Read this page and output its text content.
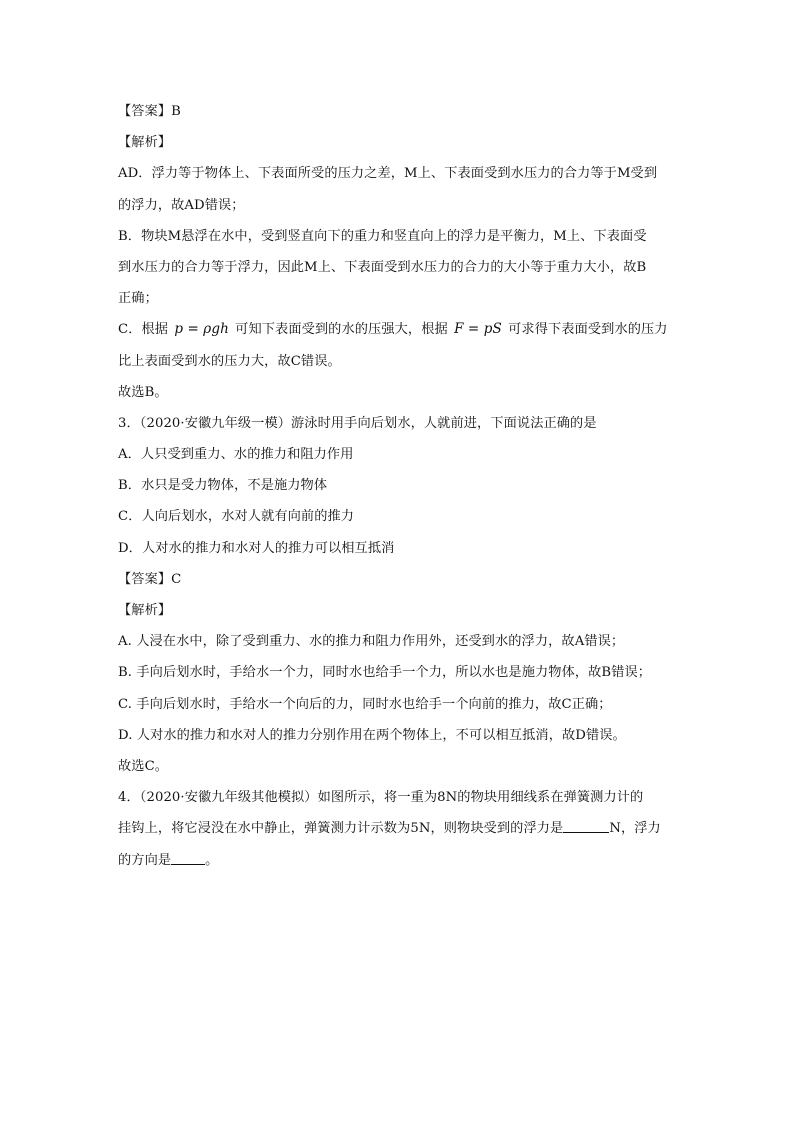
【答案】B
【解析】
AD．浮力等于物体上、下表面所受的压力之差，M上、下表面受到水压力的合力等于M受到
的浮力，故AD错误；
B．物块M悬浮在水中，受到竖直向下的重力和竖直向上的浮力是平衡力，M上、下表面受
到水压力的合力等于浮力，因此M上、下表面受到水压力的合力的大小等于重力大小，故B
正确；
C．根据 p = ρgh 可知下表面受到的水的压强大，根据 F = pS 可求得下表面受到水的压力
比上表面受到水的压力大，故C错误。
故选B。
3．（2020·安徽九年级一模）游泳时用手向后划水，人就前进，下面说法正确的是
A．人只受到重力、水的推力和阻力作用
B．水只是受力物体，不是施力物体
C．人向后划水，水对人就有向前的推力
D．人对水的推力和水对人的推力可以相互抵消
【答案】C
【解析】
A. 人浸在水中，除了受到重力、水的推力和阻力作用外，还受到水的浮力，故A错误；
B. 手向后划水时，手给水一个力，同时水也给手一个力，所以水也是施力物体，故B错误；
C. 手向后划水时，手给水一个向后的力，同时水也给手一个向前的推力，故C正确；
D. 人对水的推力和水对人的推力分别作用在两个物体上，不可以相互抵消，故D错误。
故选C。
4．（2020·安徽九年级其他模拟）如图所示，将一重为8N的物块用细线系在弹簧测力计的
挂钩上，将它浸没在水中静止，弹簧测力计示数为5N，则物块受到的浮力是	N，浮力
的方向是	。
